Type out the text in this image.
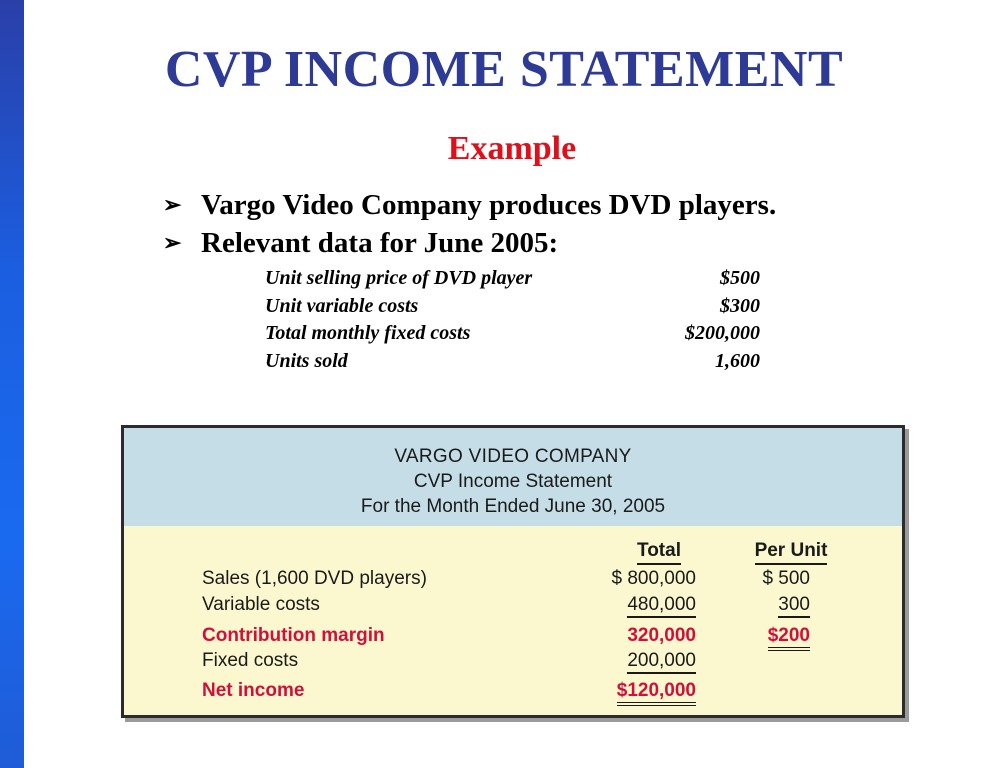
CVP INCOME STATEMENT
Example
➢ Vargo Video Company produces DVD players.
➢ Relevant data for June 2005:
Unit selling price of DVD player	$500
Unit variable costs	$300
Total monthly fixed costs	$200,000
Units sold	1,600
VARGO VIDEO COMPANY
CVP Income Statement
For the Month Ended June 30, 2005
Total	Per Unit
Sales (1,600 DVD players)	$ 800,000	$ 500
Variable costs	480,000	300
Contribution margin	320,000	$200
Fixed costs	200,000
Net income	$120,000
